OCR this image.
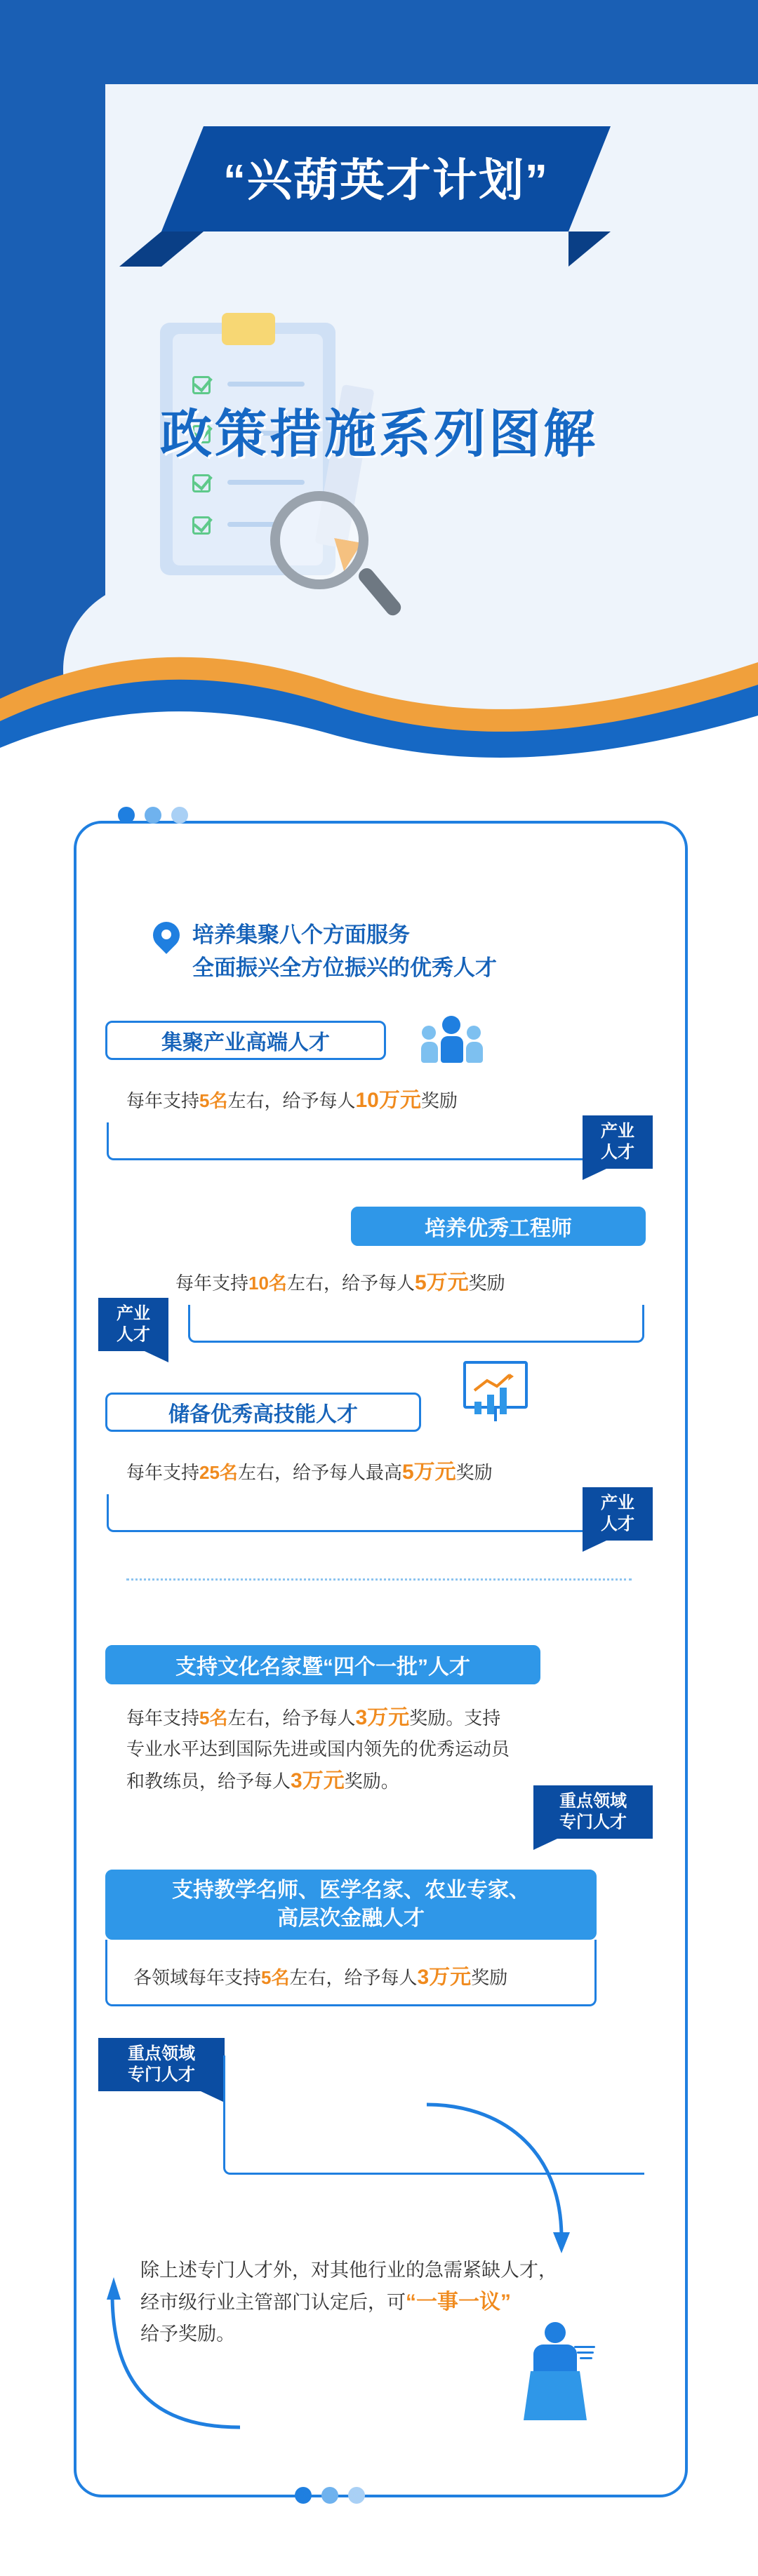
政策措施系列图解
“兴葫英才计划”
培养集聚八个方面服务
全面振兴全方位振兴的优秀人才
集聚产业高端人才
每年支持5名左右，给予每人10万元奖励
产业
人才
培养优秀工程师
每年支持10名左右，给予每人5万元奖励
产业
人才
储备优秀高技能人才
每年支持25名左右，给予每人最高5万元奖励
产业
人才
支持文化名家暨“四个一批”人才
每年支持5名左右，给予每人3万元奖励。支持
专业水平达到国际先进或国内领先的优秀运动员
和教练员，给予每人3万元奖励。
重点领域
专门人才
支持教学名师、医学名家、农业专家、
高层次金融人才
各领域每年支持5名左右，给予每人3万元奖励
重点领域
专门人才
除上述专门人才外，对其他行业的急需紧缺人才，
经市级行业主管部门认定后，可“一事一议”
给予奖励。
